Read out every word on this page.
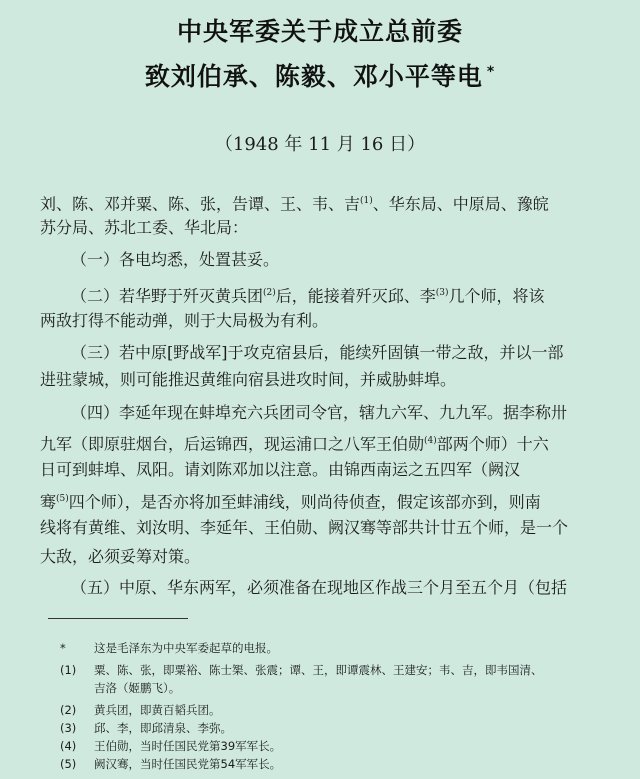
中央军委关于成立总前委
致刘伯承、陈毅、邓小平等电 *
（1948 年 11 月 16 日）
刘、陈、邓并粟、陈、张，告谭、王、韦、吉$^{(1)}$、华东局、中原局、豫皖
苏分局、苏北工委、华北局：
（一）各电均悉，处置甚妥。
（二）若华野于歼灭黄兵团$^{(2)}$后，能接着歼灭邱、李$^{(3)}$几个师，将该
两敌打得不能动弹，则于大局极为有利。
（三）若中原[野战军]于攻克宿县后，能续歼固镇一带之敌，并以一部
进驻蒙城，则可能推迟黄维向宿县进攻时间，并威胁蚌埠。
（四）李延年现在蚌埠充六兵团司令官，辖九六军、九九军。据李称卅
九军（即原驻烟台，后运锦西，现运浦口之八军王伯勋$^{(4)}$部两个师）十六
日可到蚌埠、凤阳。请刘陈邓加以注意。由锦西南运之五四军（阙汉
骞$^{(5)}$四个师），是否亦将加至蚌浦线，则尚待侦查，假定该部亦到，则南
线将有黄维、刘汝明、李延年、王伯勋、阙汉骞等部共计廿五个师，是一个
大敌，必须妥筹对策。
（五）中原、华东两军，必须准备在现地区作战三个月至五个月（包括
* 这是毛泽东为中央军委起草的电报。
(1) 粟、陈、张，即粟裕、陈士榘、张震；谭、王，即谭震林、王建安；韦、吉，即韦国清、
吉洛（姬鹏飞）。
(2) 黄兵团，即黄百韬兵团。
(3) 邱、李，即邱清泉、李弥。
(4) 王伯勋，当时任国民党第39军军长。
(5) 阙汉骞，当时任国民党第54军军长。
